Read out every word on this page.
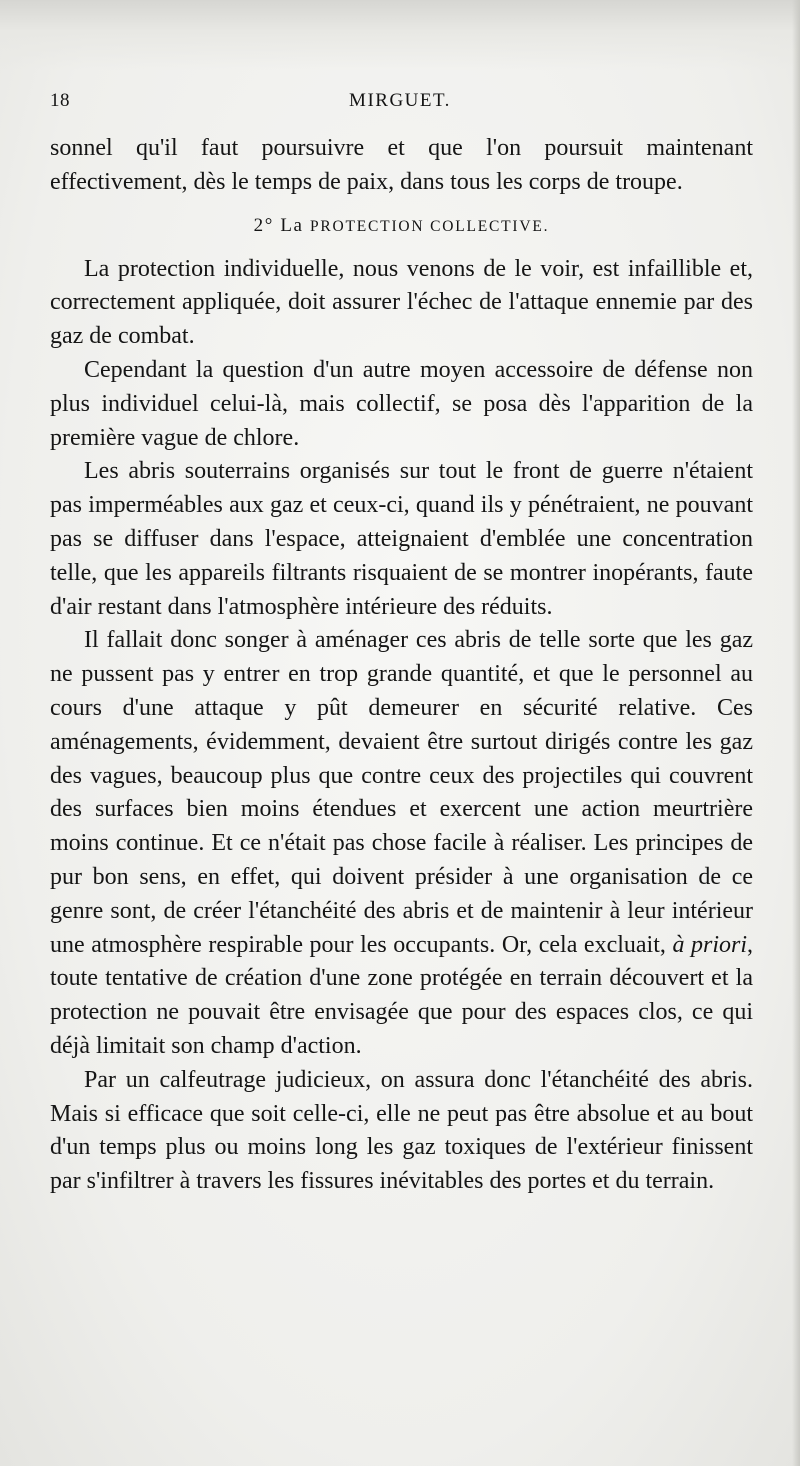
18	MIRGUET.

sonnel qu'il faut poursuivre et que l'on poursuit maintenant effectivement, dès le temps de paix, dans tous les corps de troupe.

2° La PROTECTION COLLECTIVE.

La protection individuelle, nous venons de le voir, est infaillible et, correctement appliquée, doit assurer l'échec de l'attaque ennemie par des gaz de combat.

Cependant la question d'un autre moyen accessoire de défense non plus individuel celui-là, mais collectif, se posa dès l'apparition de la première vague de chlore.

Les abris souterrains organisés sur tout le front de guerre n'étaient pas imperméables aux gaz et ceux-ci, quand ils y pénétraient, ne pouvant pas se diffuser dans l'espace, atteignaient d'emblée une concentration telle, que les appareils filtrants risquaient de se montrer inopérants, faute d'air restant dans l'atmosphère intérieure des réduits.

Il fallait donc songer à aménager ces abris de telle sorte que les gaz ne pussent pas y entrer en trop grande quantité, et que le personnel au cours d'une attaque y pût demeurer en sécurité relative. Ces aménagements, évidemment, devaient être surtout dirigés contre les gaz des vagues, beaucoup plus que contre ceux des projectiles qui couvrent des surfaces bien moins étendues et exercent une action meurtrière moins continue. Et ce n'était pas chose facile à réaliser. Les principes de pur bon sens, en effet, qui doivent présider à une organisation de ce genre sont, de créer l'étanchéité des abris et de maintenir à leur intérieur une atmosphère respirable pour les occupants. Or, cela excluait, à priori, toute tentative de création d'une zone protégée en terrain découvert et la protection ne pouvait être envisagée que pour des espaces clos, ce qui déjà limitait son champ d'action.

Par un calfeutrage judicieux, on assura donc l'étanchéité des abris. Mais si efficace que soit celle-ci, elle ne peut pas être absolue et au bout d'un temps plus ou moins long les gaz toxiques de l'extérieur finissent par s'infiltrer à travers les fissures inévitables des portes et du terrain.
